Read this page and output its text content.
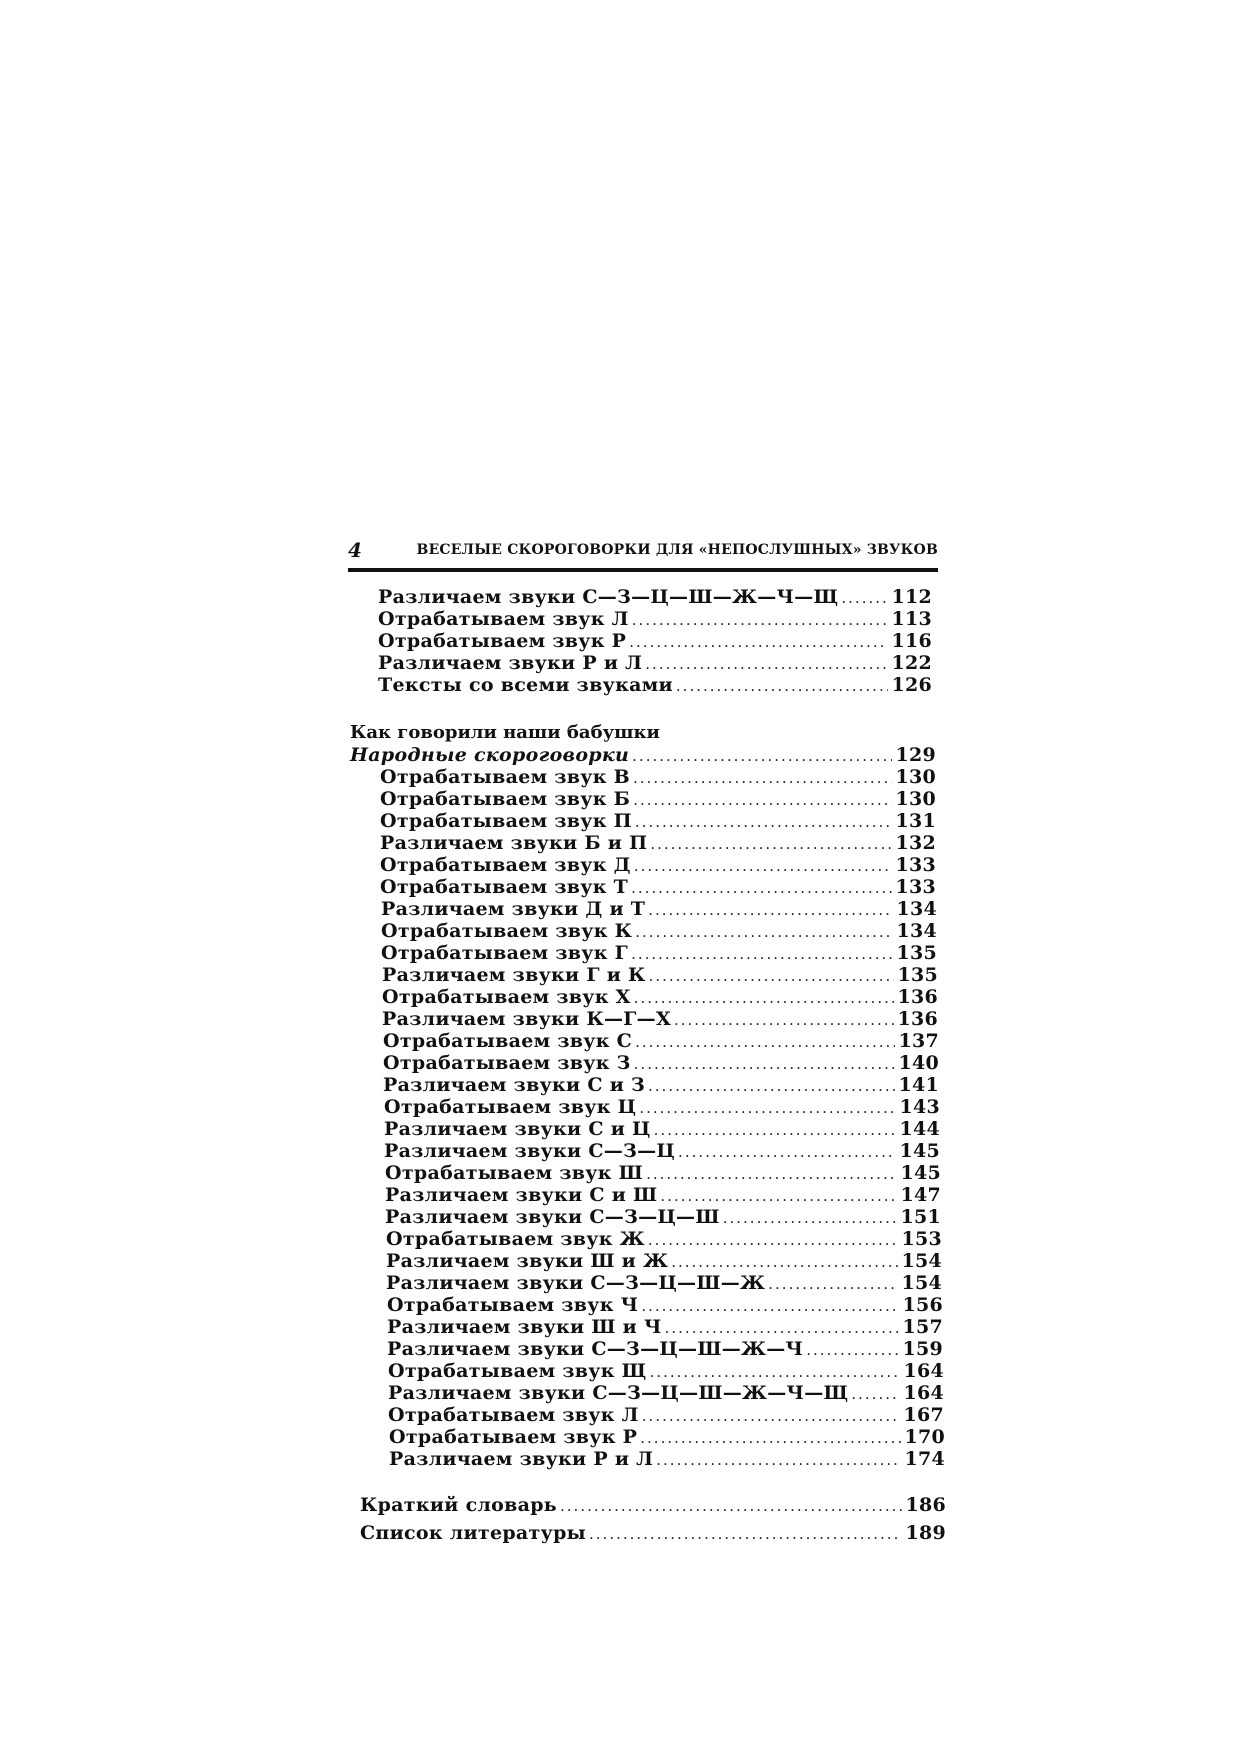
4	ВЕСЕЛЫЕ СКОРОГОВОРКИ ДЛЯ «НЕПОСЛУШНЫХ» ЗВУКОВ
Различаем звуки С—З—Ц—Ш—Ж—Ч—Щ .....	112
Отрабатываем звук Л .....	113
Отрабатываем звук Р .....	116
Различаем звуки Р и Л .....	122
Тексты со всеми звуками .....	126
Как говорили наши бабушки
Народные скороговорки .....	129
Отрабатываем звук В .....	130
Отрабатываем звук Б .....	130
Отрабатываем звук П .....	131
Различаем звуки Б и П .....	132
Отрабатываем звук Д .....	133
Отрабатываем звук Т .....	133
Различаем звуки Д и Т .....	134
Отрабатываем звук К .....	134
Отрабатываем звук Г .....	135
Различаем звуки Г и К .....	135
Отрабатываем звук Х .....	136
Различаем звуки К—Г—Х .....	136
Отрабатываем звук С .....	137
Отрабатываем звук З .....	140
Различаем звуки С и З .....	141
Отрабатываем звук Ц .....	143
Различаем звуки С и Ц .....	144
Различаем звуки С—З—Ц .....	145
Отрабатываем звук Ш .....	145
Различаем звуки С и Ш .....	147
Различаем звуки С—З—Ц—Ш .....	151
Отрабатываем звук Ж .....	153
Различаем звуки Ш и Ж .....	154
Различаем звуки С—З—Ц—Ш—Ж .....	154
Отрабатываем звук Ч .....	156
Различаем звуки Ш и Ч .....	157
Различаем звуки С—З—Ц—Ш—Ж—Ч .....	159
Отрабатываем звук Щ .....	164
Различаем звуки С—З—Ц—Ш—Ж—Ч—Щ .....	164
Отрабатываем звук Л .....	167
Отрабатываем звук Р .....	170
Различаем звуки Р и Л .....	174
Краткий словарь .....	186
Список литературы .....	189
